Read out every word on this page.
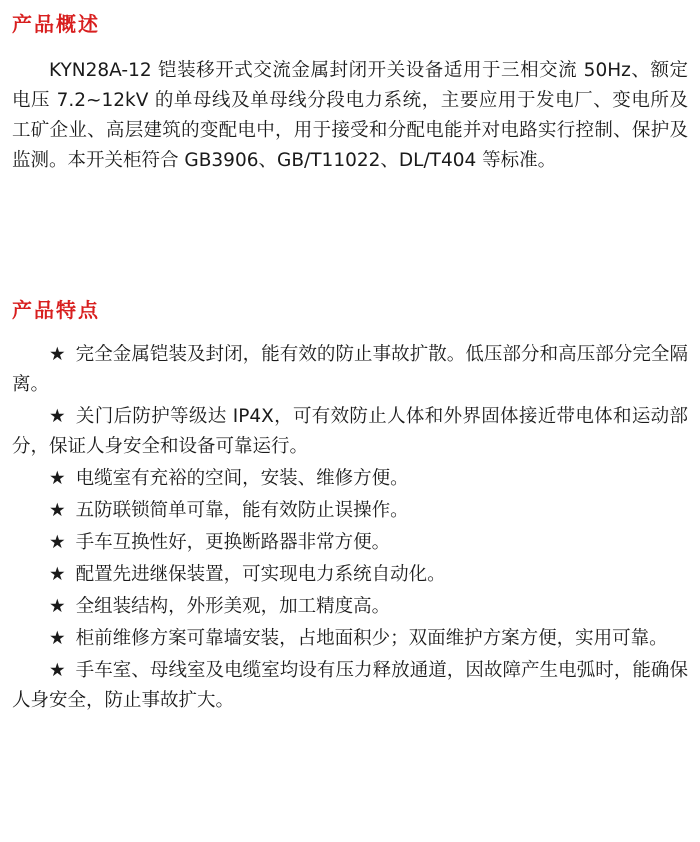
产品概述

KYN28A-12 铠装移开式交流金属封闭开关设备适用于三相交流 50Hz、额定电压 7.2~12kV 的单母线及单母线分段电力系统，主要应用于发电厂、变电所及工矿企业、高层建筑的变配电中，用于接受和分配电能并对电路实行控制、保护及监测。本开关柜符合 GB3906、GB/T11022、DL/T404 等标准。

产品特点
★ 完全金属铠装及封闭，能有效的防止事故扩散。低压部分和高压部分完全隔离。
★ 关门后防护等级达 IP4X，可有效防止人体和外界固体接近带电体和运动部分，保证人身安全和设备可靠运行。
★ 电缆室有充裕的空间，安装、维修方便。
★ 五防联锁简单可靠，能有效防止误操作。
★ 手车互换性好，更换断路器非常方便。
★ 配置先进继保装置，可实现电力系统自动化。
★ 全组装结构，外形美观，加工精度高。
★ 柜前维修方案可靠墙安装，占地面积少；双面维护方案方便，实用可靠。
★ 手车室、母线室及电缆室均设有压力释放通道，因故障产生电弧时，能确保人身安全，防止事故扩大。
